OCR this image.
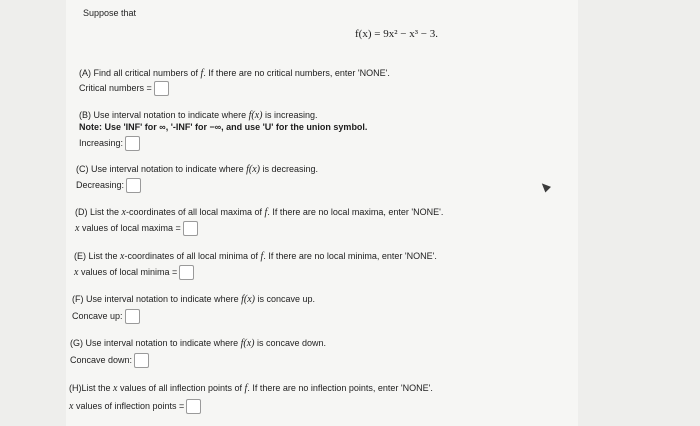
Suppose that
f(x) = 9x² − x³ − 3.
(A) Find all critical numbers of f. If there are no critical numbers, enter 'NONE'.
Critical numbers =
(B) Use interval notation to indicate where f(x) is increasing.
Note: Use 'INF' for ∞, '-INF' for −∞, and use 'U' for the union symbol.
Increasing:
(C) Use interval notation to indicate where f(x) is decreasing.
Decreasing:
(D) List the x-coordinates of all local maxima of f. If there are no local maxima, enter 'NONE'.
x values of local maxima =
(E) List the x-coordinates of all local minima of f. If there are no local minima, enter 'NONE'.
x values of local minima =
(F) Use interval notation to indicate where f(x) is concave up.
Concave up:
(G) Use interval notation to indicate where f(x) is concave down.
Concave down:
(H)List the x values of all inflection points of f. If there are no inflection points, enter 'NONE'.
x values of inflection points =
